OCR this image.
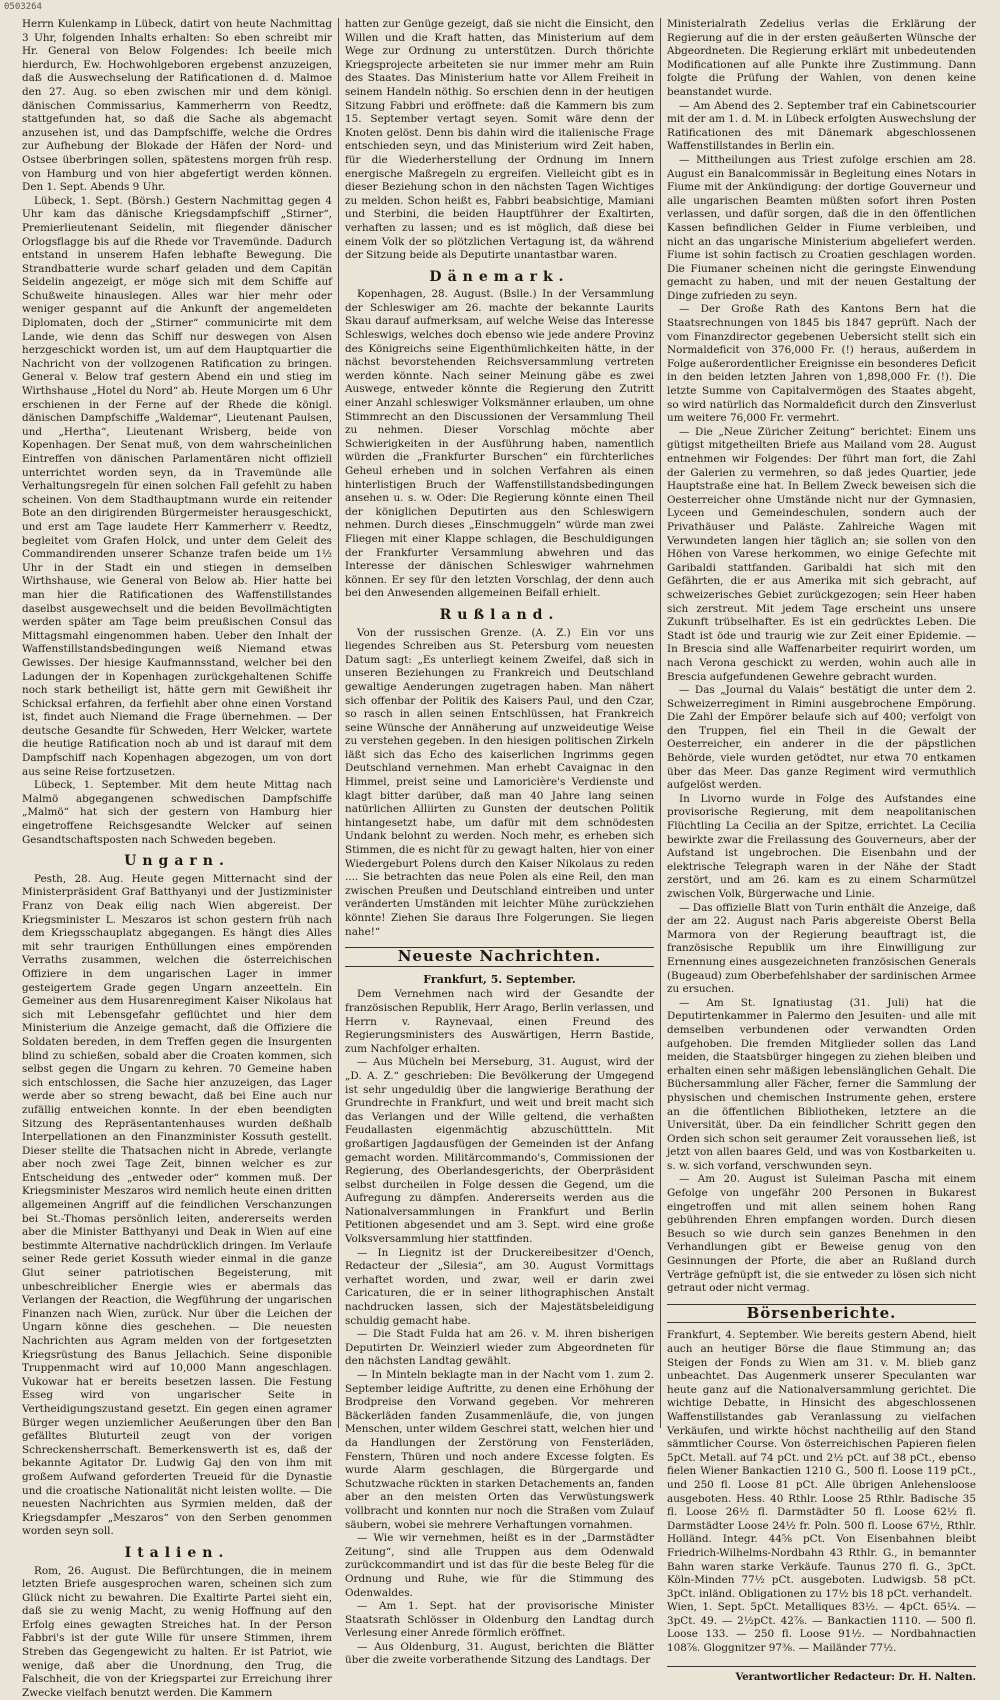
0503264

Herrn Kulenkamp in Lübeck, datirt von heute Nachmittag 3 Uhr, folgenden Inhalts erhalten: So eben schreibt mir Hr. General von Below Folgendes: Ich beeile mich hierdurch, Ew. Hochwohlgeboren ergebenst anzuzeigen, daß die Auswechselung der Ratificationen d. d. Malmoe den 27. Aug. so eben zwischen mir und dem königl. dänischen Commissarius, Kammerherrn von Reedtz, stattgefunden hat, so daß die Sache als abgemacht anzusehen ist, und das Dampfschiffe, welche die Ordres zur Aufhebung der Blokade der Häfen der Nord- und Ostsee überbringen sollen, spätestens morgen früh resp. von Hamburg und von hier abgefertigt werden können. Den 1. Sept. Abends 9 Uhr.

Lübeck, 1. Sept. (Börsh.) Gestern Nachmittag gegen 4 Uhr kam das dänische Kriegsdampfschiff „Stirner“, Premierlieutenant Seidelin, mit fliegender dänischer Orlogsflagge bis auf die Rhede vor Travemünde. Dadurch entstand in unserem Hafen lebhafte Bewegung. Die Strandbatterie wurde scharf geladen und dem Capitän Seidelin angezeigt, er möge sich mit dem Schiffe auf Schußweite hinauslegen. Alles war hier mehr oder weniger gespannt auf die Ankunft der angemeldeten Diplomaten, doch der „Stirner“ communicirte mit dem Lande, wie denn das Schiff nur deswegen von Alsen herzgeschickt worden ist, um auf dem Hauptquartier die Nachricht von der vollzogenen Ratification zu bringen. General v. Below traf gestern Abend ein und stieg im Wirthshause „Hotel du Nord“ ab. Heute Morgen um 6 Uhr erschienen in der Ferne auf der Rhede die königl. dänischen Dampfschiffe „Waldemar“, Lieutenant Paulsen, und „Hertha“, Lieutenant Wrisberg, beide von Kopenhagen. Der Senat muß, von dem wahrscheinlichen Eintreffen von dänischen Parlamentären nicht offiziell unterrichtet worden seyn, da in Travemünde alle Verhaltungsregeln für einen solchen Fall gefehlt zu haben scheinen. Von dem Stadthauptmann wurde ein reitender Bote an den dirigirenden Bürgermeister herausgeschickt, und erst am Tage laudete Herr Kammerherr v. Reedtz, begleitet vom Grafen Holck, und unter dem Geleit des Commandirenden unserer Schanze trafen beide um 1½ Uhr in der Stadt ein und stiegen in demselben Wirthshause, wie General von Below ab. Hier hatte bei man hier die Ratificationen des Waffenstillstandes daselbst ausgewechselt und die beiden Bevollmächtigten werden später am Tage beim preußischen Consul das Mittagsmahl eingenommen haben. Ueber den Inhalt der Waffenstillstandsbedingungen weiß Niemand etwas Gewisses. Der hiesige Kaufmannsstand, welcher bei den Ladungen der in Kopenhagen zurückgehaltenen Schiffe noch stark betheiligt ist, hätte gern mit Gewißheit ihr Schicksal erfahren, da ferfiehlt aber ohne einen Vorstand ist, findet auch Niemand die Frage übernehmen. — Der deutsche Gesandte für Schweden, Herr Welcker, wartete die heutige Ratification noch ab und ist darauf mit dem Dampfschiff nach Kopenhagen abgezogen, um von dort aus seine Reise fortzusetzen.

Lübeck, 1. September. Mit dem heute Mittag nach Malmö abgegangenen schwedischen Dampfschiffe „Malmö“ hat sich der gestern von Hamburg hier eingetroffene Reichsgesandte Welcker auf seinen Gesandtschaftsposten nach Schweden begeben.

Ungarn.

Pesth, 28. Aug. Heute gegen Mitternacht sind der Ministerpräsident Graf Batthyanyi und der Justizminister Franz von Deak eilig nach Wien abgereist. Der Kriegsminister L. Meszaros ist schon gestern früh nach dem Kriegsschauplatz abgegangen. Es hängt dies Alles mit sehr traurigen Enthüllungen eines empörenden Verraths zusammen, welchen die österreichischen Offiziere in dem ungarischen Lager in immer gesteigertem Grade gegen Ungarn anzeetteln. Ein Gemeiner aus dem Husarenregiment Kaiser Nikolaus hat sich mit Lebensgefahr geflüchtet und hier dem Ministerium die Anzeige gemacht, daß die Offiziere die Soldaten bereden, in dem Treffen gegen die Insurgenten blind zu schießen, sobald aber die Croaten kommen, sich selbst gegen die Ungarn zu kehren. 70 Gemeine haben sich entschlossen, die Sache hier anzuzeigen, das Lager werde aber so streng bewacht, daß bei Eine auch nur zufällig entweichen konnte. In der eben beendigten Sitzung des Repräsentantenhauses wurden deßhalb Interpellationen an den Finanzminister Kossuth gestellt. Dieser stellte die Thatsachen nicht in Abrede, verlangte aber noch zwei Tage Zeit, binnen welcher es zur Entscheidung des „entweder oder“ kommen muß. Der Kriegsminister Meszaros wird nemlich heute einen dritten allgemeinen Angriff auf die feindlichen Verschanzungen bei St.-Thomas persönlich leiten, andererseits werden aber die Minister Batthyanyi und Deak in Wien auf eine bestimmte Alternative nachdrücklich dringen. Im Verlaufe seiner Rede geriet Kossuth wieder einmal in die ganze Glut seiner patriotischen Begeisterung, mit unbeschreiblicher Energie wies er abermals das Verlangen der Reaction, die Wegführung der ungarischen Finanzen nach Wien, zurück. Nur über die Leichen der Ungarn könne dies geschehen. — Die neuesten Nachrichten aus Agram melden von der fortgesetzten Kriegsrüstung des Banus Jellachich. Seine disponible Truppenmacht wird auf 10,000 Mann angeschlagen. Vukowar hat er bereits besetzen lassen. Die Festung Esseg wird von ungarischer Seite in Vertheidigungszustand gesetzt. Ein gegen einen agramer Bürger wegen unziemlicher Aeußerungen über den Ban gefälltes Bluturteil zeugt von der vorigen Schreckensherrschaft. Bemerkenswerth ist es, daß der bekannte Agitator Dr. Ludwig Gaj den von ihm mit großem Aufwand geforderten Treueid für die Dynastie und die croatische Nationalität nicht leisten wollte. — Die neuesten Nachrichten aus Syrmien melden, daß der Kriegsdampfer „Meszaros“ von den Serben genommen worden seyn soll.

Italien.

Rom, 26. August. Die Befürchtungen, die in meinem letzten Briefe ausgesprochen waren, scheinen sich zum Glück nicht zu bewahren. Die Exaltirte Partei sieht ein, daß sie zu wenig Macht, zu wenig Hoffnung auf den Erfolg eines gewagten Streiches hat. In der Person Fabbri's ist der gute Wille für unsere Stimmen, ihrem Streben das Gegengewicht zu halten. Er ist Patriot, wie wenige, daß aber die Unordnung, den Trug, die Falschheit, die von der Kriegspartei zur Erreichung ihrer Zwecke vielfach benutzt werden. Die Kammern

hatten zur Genüge gezeigt, daß sie nicht die Einsicht, den Willen und die Kraft hatten, das Ministerium auf dem Wege zur Ordnung zu unterstützen. Durch thörichte Kriegsprojecte arbeiteten sie nur immer mehr am Ruin des Staates. Das Ministerium hatte vor Allem Freiheit in seinem Handeln nöthig. So erschien denn in der heutigen Sitzung Fabbri und eröffnete: daß die Kammern bis zum 15. September vertagt seyen. Somit wäre denn der Knoten gelöst. Denn bis dahin wird die italienische Frage entschieden seyn, und das Ministerium wird Zeit haben, für die Wiederherstellung der Ordnung im Innern energische Maßregeln zu ergreifen. Vielleicht gibt es in dieser Beziehung schon in den nächsten Tagen Wichtiges zu melden. Schon heißt es, Fabbri beabsichtige, Mamiani und Sterbini, die beiden Hauptführer der Exaltirten, verhaften zu lassen; und es ist möglich, daß diese bei einem Volk der so plötzlichen Vertagung ist, da während der Sitzung beide als Deputirte unantastbar waren.

Dänemark.

Kopenhagen, 28. August. (Bslle.) In der Versammlung der Schleswiger am 26. machte der bekannte Laurits Skau darauf aufmerksam, auf welche Weise das Interesse Schleswigs, welches doch ebenso wie jede andere Provinz des Königreichs seine Eigenthümlichkeiten hätte, in der nächst bevorstehenden Reichsversammlung vertreten werden könnte. Nach seiner Meinung gäbe es zwei Auswege, entweder könnte die Regierung den Zutritt einer Anzahl schleswiger Volksmänner erlauben, um ohne Stimmrecht an den Discussionen der Versammlung Theil zu nehmen. Dieser Vorschlag möchte aber Schwierigkeiten in der Ausführung haben, namentlich würden die „Frankfurter Burschen“ ein fürchterliches Geheul erheben und in solchen Verfahren als einen hinterlistigen Bruch der Waffenstillstandsbedingungen ansehen u. s. w. Oder: Die Regierung könnte einen Theil der königlichen Deputirten aus den Schleswigern nehmen. Durch dieses „Einschmuggeln“ würde man zwei Fliegen mit einer Klappe schlagen, die Beschuldigungen der Frankfurter Versammlung abwehren und das Interesse der dänischen Schleswiger wahrnehmen können. Er sey für den letzten Vorschlag, der denn auch bei den Anwesenden allgemeinen Beifall erhielt.

Rußland.

Von der russischen Grenze. (A. Z.) Ein vor uns liegendes Schreiben aus St. Petersburg vom neuesten Datum sagt: „Es unterliegt keinem Zweifel, daß sich in unseren Beziehungen zu Frankreich und Deutschland gewaltige Aenderungen zugetragen haben. Man nähert sich offenbar der Politik des Kaisers Paul, und den Czar, so rasch in allen seinen Entschlüssen, hat Frankreich seine Wünsche der Annäherung auf unzweideutige Weise zu verstehen gegeben. In den hiesigen politischen Zirkeln läßt sich das Echo des kaiserlichen Ingrimms gegen Deutschland vernehmen. Man erhebt Cavaignac in den Himmel, preist seine und Lamoricière's Verdienste und klagt bitter darüber, daß man 40 Jahre lang seinen natürlichen Alliirten zu Gunsten der deutschen Politik hintangesetzt habe, um dafür mit dem schnödesten Undank belohnt zu werden. Noch mehr, es erheben sich Stimmen, die es nicht für zu gewagt halten, hier von einer Wiedergeburt Polens durch den Kaiser Nikolaus zu reden .... Sie betrachten das neue Polen als eine Reil, den man zwischen Preußen und Deutschland eintreiben und unter veränderten Umständen mit leichter Mühe zurückziehen könnte! Ziehen Sie daraus Ihre Folgerungen. Sie liegen nahe!“

Neueste Nachrichten.
Frankfurt, 5. September.

Dem Vernehmen nach wird der Gesandte der französischen Republik, Herr Arago, Berlin verlassen, und Herrn v. Raynevaal, einen Freund des Regierungsministers des Auswärtigen, Herrn Bastide, zum Nachfolger erhalten.

— Aus Mücheln bei Merseburg, 31. August, wird der „D. A. Z.“ geschrieben: Die Bevölkerung der Umgegend ist sehr ungeduldig über die langwierige Berathung der Grundrechte in Frankfurt, und weit und breit macht sich das Verlangen und der Wille geltend, die verhaßten Feudallasten eigenmächtig abzuschüttteln. Mit großartigen Jagdausfügen der Gemeinden ist der Anfang gemacht worden. Militärcommando's, Commissionen der Regierung, des Oberlandesgerichts, der Oberpräsident selbst durcheilen in Folge dessen die Gegend, um die Aufregung zu dämpfen. Andererseits werden aus die Nationalversammlungen in Frankfurt und Berlin Petitionen abgesendet und am 3. Sept. wird eine große Volksversammlung hier stattfinden.

— In Liegnitz ist der Druckereibesitzer d'Oench, Redacteur der „Silesia“, am 30. August Vormittags verhaftet worden, und zwar, weil er darin zwei Caricaturen, die er in seiner lithographischen Anstalt nachdrucken lassen, sich der Majestätsbeleidigung schuldig gemacht habe.

— Die Stadt Fulda hat am 26. v. M. ihren bisherigen Deputirten Dr. Weinzierl wieder zum Abgeordneten für den nächsten Landtag gewählt.

— In Minteln beklagte man in der Nacht vom 1. zum 2. September leidige Auftritte, zu denen eine Erhöhung der Brodpreise den Vorwand gegeben. Vor mehreren Bäckerläden fanden Zusammenläufe, die, von jungen Menschen, unter wildem Geschrei statt, welchen hier und da Handlungen der Zerstörung von Fensterläden, Fenstern, Thüren und noch andere Excesse folgten. Es wurde Alarm geschlagen, die Bürgergarde und Schutzwache rückten in starken Detachements an, fanden aber an den meisten Orten das Verwüstungswerk vollbracht und konnten nur noch die Straßen vom Zulauf säubern, wobei sie mehrere Verhaftungen vornahmen.

— Wie wir vernehmen, heißt es in der „Darmstädter Zeitung“, sind alle Truppen aus dem Odenwald zurückcommandirt und ist das für die beste Beleg für die Ordnung und Ruhe, wie für die Stimmung des Odenwaldes.

— Am 1. Sept. hat der provisorische Minister Staatsrath Schlösser in Oldenburg den Landtag durch Verlesung einer Anrede förmlich eröffnet.

— Aus Oldenburg, 31. August, berichten die Blätter über die zweite vorberathende Sitzung des Landtags. Der

Ministerialrath Zedelius verlas die Erklärung der Regierung auf die in der ersten geäußerten Wünsche der Abgeordneten. Die Regierung erklärt mit unbedeutenden Modificationen auf alle Punkte ihre Zustimmung. Dann folgte die Prüfung der Wahlen, von denen keine beanstandet wurde.

— Am Abend des 2. September traf ein Cabinetscourier mit der am 1. d. M. in Lübeck erfolgten Auswechslung der Ratificationen des mit Dänemark abgeschlossenen Waffenstillstandes in Berlin ein.

— Mittheilungen aus Triest zufolge erschien am 28. August ein Banalcommissär in Begleitung eines Notars in Fiume mit der Ankündigung: der dortige Gouverneur und alle ungarischen Beamten müßten sofort ihren Posten verlassen, und dafür sorgen, daß die in den öffentlichen Kassen befindlichen Gelder in Fiume verbleiben, und nicht an das ungarische Ministerium abgeliefert werden. Fiume ist sohin factisch zu Croatien geschlagen worden. Die Fiumaner scheinen nicht die geringste Einwendung gemacht zu haben, und mit der neuen Gestaltung der Dinge zufrieden zu seyn.

— Der Große Rath des Kantons Bern hat die Staatsrechnungen von 1845 bis 1847 geprüft. Nach der vom Finanzdirector gegebenen Uebersicht stellt sich ein Normaldeficit von 376,000 Fr. (!) heraus, außerdem in Folge außerordentlicher Ereignisse ein besonderes Deficit in den beiden letzten Jahren von 1,898,000 Fr. (!). Die letzte Summe von Capitalvermögen des Staates abgeht, so wird natürlich das Normaldeficit durch den Zinsverlust um weitere 76,000 Fr. vermehrt.

— Die „Neue Züricher Zeitung“ berichtet: Einem uns gütigst mitgetheilten Briefe aus Mailand vom 28. August entnehmen wir Folgendes: Der führt man fort, die Zahl der Galerien zu vermehren, so daß jedes Quartier, jede Hauptstraße eine hat. In Bellem Zweck beweisen sich die Oesterreicher ohne Umstände nicht nur der Gymnasien, Lyceen und Gemeindeschulen, sondern auch der Privathäuser und Paläste. Zahlreiche Wagen mit Verwundeten langen hier täglich an; sie sollen von den Höhen von Varese herkommen, wo einige Gefechte mit Garibaldi stattfanden. Garibaldi hat sich mit den Gefährten, die er aus Amerika mit sich gebracht, auf schweizerisches Gebiet zurückgezogen; sein Heer haben sich zerstreut. Mit jedem Tage erscheint uns unsere Zukunft trübselhafter. Es ist ein gedrücktes Leben. Die Stadt ist öde und traurig wie zur Zeit einer Epidemie. — In Brescia sind alle Waffenarbeiter requirirt worden, um nach Verona geschickt zu werden, wohin auch alle in Brescia aufgefundenen Gewehre gebracht wurden.

— Das „Journal du Valais“ bestätigt die unter dem 2. Schweizerregiment in Rimini ausgebrochene Empörung. Die Zahl der Empörer belaufe sich auf 400; verfolgt von den Truppen, fiel ein Theil in die Gewalt der Oesterreicher, ein anderer in die der päpstlichen Behörde, viele wurden getödtet, nur etwa 70 entkamen über das Meer. Das ganze Regiment wird vermuthlich aufgelöst werden.

In Livorno wurde in Folge des Aufstandes eine provisorische Regierung, mit dem neapolitanischen Flüchtling La Cecilia an der Spitze, errichtet. La Cecilia bewirkte zwar die Freilassung des Gouverneurs, aber der Aufstand ist ungebrochen. Die Eisenbahn und der elektrische Telegraph waren in der Nähe der Stadt zerstört, und am 26. kam es zu einem Scharmützel zwischen Volk, Bürgerwache und Linie.

— Das offizielle Blatt von Turin enthält die Anzeige, daß der am 22. August nach Paris abgereiste Oberst Bella Marmora von der Regierung beauftragt ist, die französische Republik um ihre Einwilligung zur Ernennung eines ausgezeichneten französischen Generals (Bugeaud) zum Oberbefehlshaber der sardinischen Armee zu ersuchen.

— Am St. Ignatiustag (31. Juli) hat die Deputirtenkammer in Palermo den Jesuiten- und alle mit demselben verbundenen oder verwandten Orden aufgehoben. Die fremden Mitglieder sollen das Land meiden, die Staatsbürger hingegen zu ziehen bleiben und erhalten einen sehr mäßigen lebenslänglichen Gehalt. Die Büchersammlung aller Fächer, ferner die Sammlung der physischen und chemischen Instrumente gehen, erstere an die öffentlichen Bibliotheken, letztere an die Universität, über. Da ein feindlicher Schritt gegen den Orden sich schon seit geraumer Zeit voraussehen ließ, ist jetzt von allen baares Geld, und was von Kostbarkeiten u. s. w. sich vorfand, verschwunden seyn.

— Am 20. August ist Suleiman Pascha mit einem Gefolge von ungefähr 200 Personen in Bukarest eingetroffen und mit allen seinem hohen Rang gebührenden Ehren empfangen worden. Durch diesen Besuch so wie durch sein ganzes Benehmen in den Verhandlungen gibt er Beweise genug von den Gesinnungen der Pforte, die aber an Rußland durch Verträge gefnüpft ist, die sie entweder zu lösen sich nicht getraut oder nicht vermag.

Börsenberichte.

Frankfurt, 4. September. Wie bereits gestern Abend, hielt auch an heutiger Börse die flaue Stimmung an; das Steigen der Fonds zu Wien am 31. v. M. blieb ganz unbeachtet. Das Augenmerk unserer Speculanten war heute ganz auf die Nationalversammlung gerichtet. Die wichtige Debatte, in Hinsicht des abgeschlossenen Waffenstillstandes gab Veranlassung zu vielfachen Verkäufen, und wirkte höchst nachtheilig auf den Stand sämmtlicher Course. Von österreichischen Papieren fielen 5pCt. Metall. auf 74 pCt. und 2½ pCt. auf 38 pCt., ebenso fielen Wiener Bankactien 1210 G., 500 fl. Loose 119 pCt., und 250 fl. Loose 81 pCt. Alle übrigen Anlehensloose ausgeboten. Hess. 40 Rthlr. Loose 25 Rthlr. Badische 35 fl. Loose 26½ fl. Darmstädter 50 fl. Loose 62½ fl. Darmstädter Loose 24½ fr. Poln. 500 fl. Loose 67½, Rthlr. Holländ. Integr. 44⅝ pCt. Von Eisenbahnen bleibt Friedrich-Wilhelms-Nordbahn 43 Rthlr. G., in bemannter Bahn waren starke Verkäufe. Taunus 270 fl. G., 3pCt. Köln-Minden 77½ pCt. ausgeboten. Ludwigsb. 58 pCt. 3pCt. inländ. Obligationen zu 17½ bis 18 pCt. verhandelt.

Wien, 1. Sept. 5pCt. Metalliques 83½. — 4pCt. 65¼. — 3pCt. 49. — 2½pCt. 42⅞. — Bankactien 1110. — 500 fl. Loose 133. — 250 fl. Loose 91½. — Nordbahnactien 108⅞. Gloggnitzer 97⅜. — Mailänder 77½.

Verantwortlicher Redacteur: Dr. H. Nalten.
